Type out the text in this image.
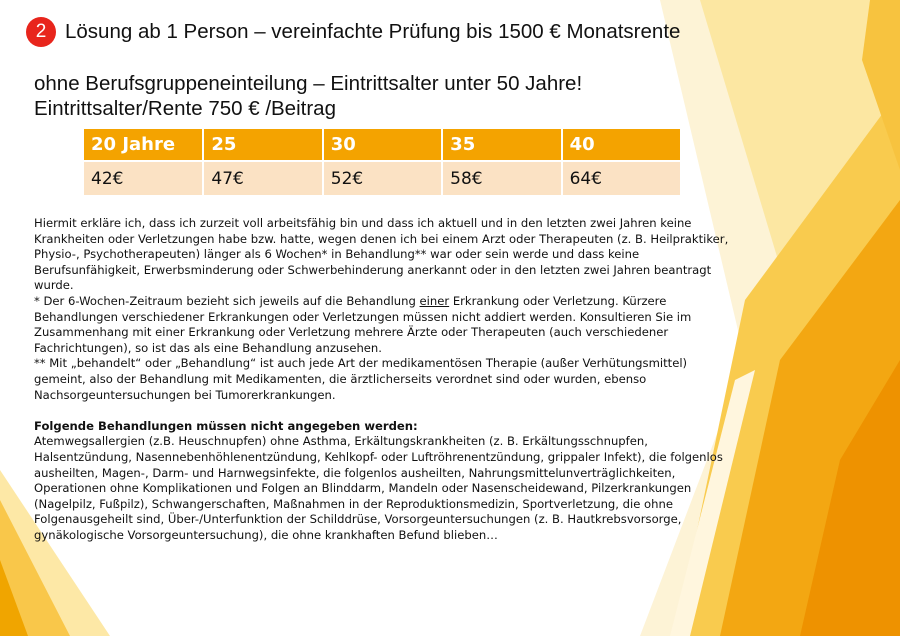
2 Lösung ab 1 Person – vereinfachte Prüfung bis 1500 € Monatsrente
ohne Berufsgruppeneinteilung – Eintrittsalter unter 50 Jahre!
Eintrittsalter/Rente 750 € /Beitrag
20 Jahre	25	30	35	40
42€	47€	52€	58€	64€

Hiermit erkläre ich, dass ich zurzeit voll arbeitsfähig bin und dass ich aktuell und in den letzten zwei Jahren keine Krankheiten oder Verletzungen habe bzw. hatte, wegen denen ich bei einem Arzt oder Therapeuten (z. B. Heilpraktiker, Physio-, Psychotherapeuten) länger als 6 Wochen* in Behandlung** war oder sein werde und dass keine Berufsunfähigkeit, Erwerbsminderung oder Schwerbehinderung anerkannt oder in den letzten zwei Jahren beantragt wurde.

* Der 6-Wochen-Zeitraum bezieht sich jeweils auf die Behandlung einer Erkrankung oder Verletzung. Kürzere Behandlungen verschiedener Erkrankungen oder Verletzungen müssen nicht addiert werden. Konsultieren Sie im Zusammenhang mit einer Erkrankung oder Verletzung mehrere Ärzte oder Therapeuten (auch verschiedener Fachrichtungen), so ist das als eine Behandlung anzusehen.

** Mit „behandelt“ oder „Behandlung“ ist auch jede Art der medikamentösen Therapie (außer Verhütungsmittel) gemeint, also der Behandlung mit Medikamenten, die ärztlicherseits verordnet sind oder wurden, ebenso Nachsorgeuntersuchungen bei Tumorerkrankungen.

Folgende Behandlungen müssen nicht angegeben werden:

Atemwegsallergien (z.B. Heuschnupfen) ohne Asthma, Erkältungskrankheiten (z. B. Erkältungsschnupfen, Halsentzündung, Nasennebenhöhlenentzündung, Kehlkopf- oder Luftröhrenentzündung, grippaler Infekt), die folgenlos ausheilten, Magen-, Darm- und Harnwegsinfekte, die folgenlos ausheilten, Nahrungsmittelunverträglichkeiten, Operationen ohne Komplikationen und Folgen an Blinddarm, Mandeln oder Nasenscheidewand, Pilzerkrankungen (Nagelpilz, Fußpilz), Schwangerschaften, Maßnahmen in der Reproduktionsmedizin, Sportverletzung, die ohne Folgenausgeheilt sind, Über-/Unterfunktion der Schilddrüse, Vorsorgeuntersuchungen (z. B. Hautkrebsvorsorge, gynäkologische Vorsorgeuntersuchung), die ohne krankhaften Befund blieben…
